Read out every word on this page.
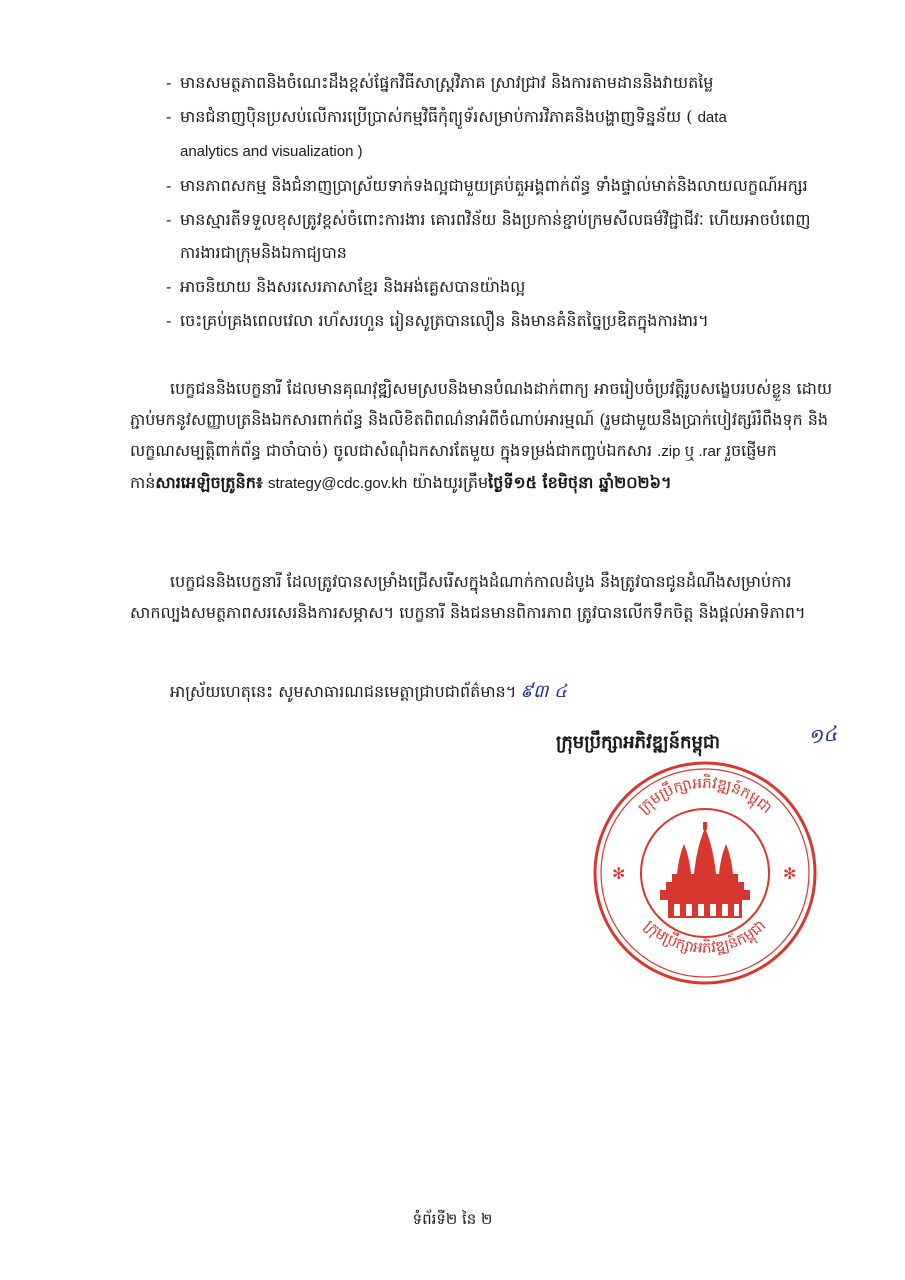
- មានសមត្ថភាពនិងចំណេះដឹងខ្ពស់ផ្នែកវិធីសាស្ត្រវិភាគ ស្រាវជ្រាវ និងការតាមដាននិងវាយតម្លៃ
- មានជំនាញប៉ិនប្រសប់លើការប្រើប្រាស់កម្មវិធីកុំព្យូទ័រសម្រាប់ការវិភាគនិងបង្ហាញទិន្នន័យ ( data
analytics and visualization )
- មានភាពសកម្ម និងជំនាញប្រាស្រ័យទាក់ទងល្អជាមួយគ្រប់តួអង្គពាក់ព័ន្ធ ទាំងផ្ទាល់មាត់និងលាយលក្ខណ៍អក្សរ
- មានស្មារតីទទួលខុសត្រូវខ្ពស់ចំពោះការងារ គោរពវិន័យ និងប្រកាន់ខ្ជាប់ក្រមសីលធម៌វិជ្ជាជីវៈ ហើយអាចបំពេញការងារជាក្រុមនិងឯកាជ្យបាន
- អាចនិយាយ និងសរសេរភាសាខ្មែរ និងអង់គ្លេសបានយ៉ាងល្អ
- ចេះគ្រប់គ្រងពេលវេលា រហ័សរហួន រៀនសូត្របានលឿន និងមានគំនិតច្នៃប្រឌិតក្នុងការងារ។

បេក្ខជននិងបេក្ខនារី ដែលមានគុណវុឌ្ឍិសមស្របនិងមានបំណងដាក់ពាក្យ អាចរៀបចំប្រវត្តិរូបសង្ខេបរបស់ខ្លួន ដោយភ្ជាប់មកនូវសញ្ញាបត្រនិងឯកសារពាក់ព័ន្ធ និងលិខិតពិពណ៌នាអំពីចំណាប់អារម្មណ៍ (រួមជាមួយនឹងប្រាក់បៀវត្សរ៍រំពឹងទុក និងលក្ខណសម្បត្តិពាក់ព័ន្ធ ជាចាំបាច់) ចូលជាសំណុំឯកសារតែមួយ ក្នុងទម្រង់ជាកញ្ចប់ឯកសារ .zip ឬ .rar រួចផ្ញើមកកាន់សារអេឡិចត្រូនិក៖ strategy@cdc.gov.kh យ៉ាងយូរត្រឹមថ្ងៃទី១៥ ខែមិថុនា ឆ្នាំ២០២៦។

បេក្ខជននិងបេក្ខនារី ដែលត្រូវបានសម្រាំងជ្រើសរើសក្នុងដំណាក់កាលដំបូង នឹងត្រូវបានជូនដំណឹងសម្រាប់ការសាកល្បងសមត្ថភាពសរសេរនិងការសម្ភាស។ បេក្ខនារី និងជនមានពិការភាព ត្រូវបានលើកទឹកចិត្ត និងផ្តល់អាទិភាព។

អាស្រ័យហេតុនេះ សូមសាធារណជនមេត្តាជ្រាបជាព័ត៌មាន។ ៩៣ ៤

ក្រុមប្រឹក្សាអភិវឌ្ឍន៍កម្ពុជា	១៤
ក្រុមប្រឹក្សាអភិវឌ្ឍន៍កម្ពុជា
ក្រុមប្រឹក្សាអភិវឌ្ឍន៍កម្ពុជា
✻	✻
ទំព័រទី២ នៃ ២
